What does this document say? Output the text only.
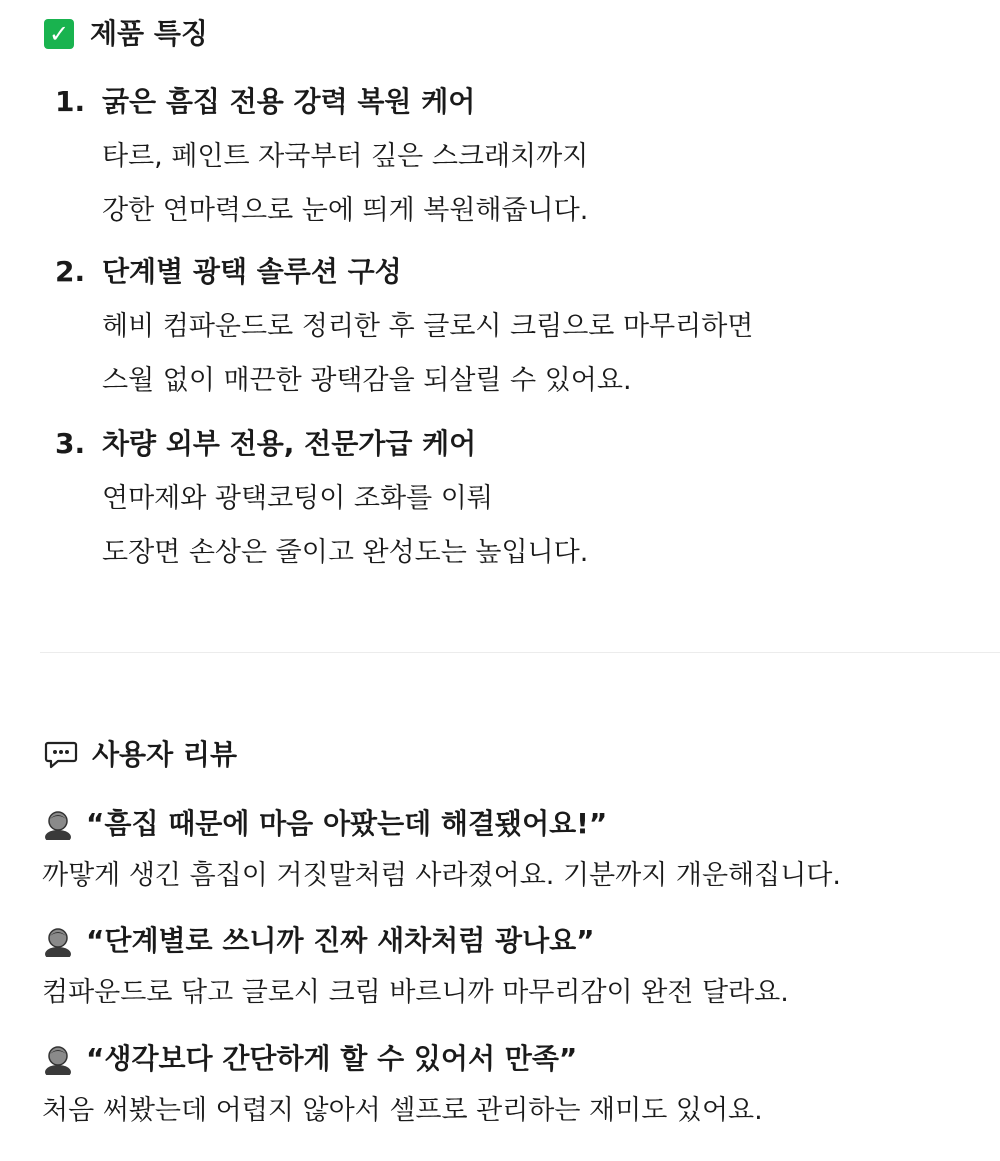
✓ 제품 특징
1. 굵은 흠집 전용 강력 복원 케어
타르, 페인트 자국부터 깊은 스크래치까지
강한 연마력으로 눈에 띄게 복원해줍니다.
2. 단계별 광택 솔루션 구성
헤비 컴파운드로 정리한 후 글로시 크림으로 마무리하면
스월 없이 매끈한 광택감을 되살릴 수 있어요.
3. 차량 외부 전용, 전문가급 케어
연마제와 광택코팅이 조화를 이뤄
도장면 손상은 줄이고 완성도는 높입니다.
사용자 리뷰
“흠집 때문에 마음 아팠는데 해결됐어요!”
까맣게 생긴 흠집이 거짓말처럼 사라졌어요. 기분까지 개운해집니다.
“단계별로 쓰니까 진짜 새차처럼 광나요”
컴파운드로 닦고 글로시 크림 바르니까 마무리감이 완전 달라요.
“생각보다 간단하게 할 수 있어서 만족”
처음 써봤는데 어렵지 않아서 셀프로 관리하는 재미도 있어요.
